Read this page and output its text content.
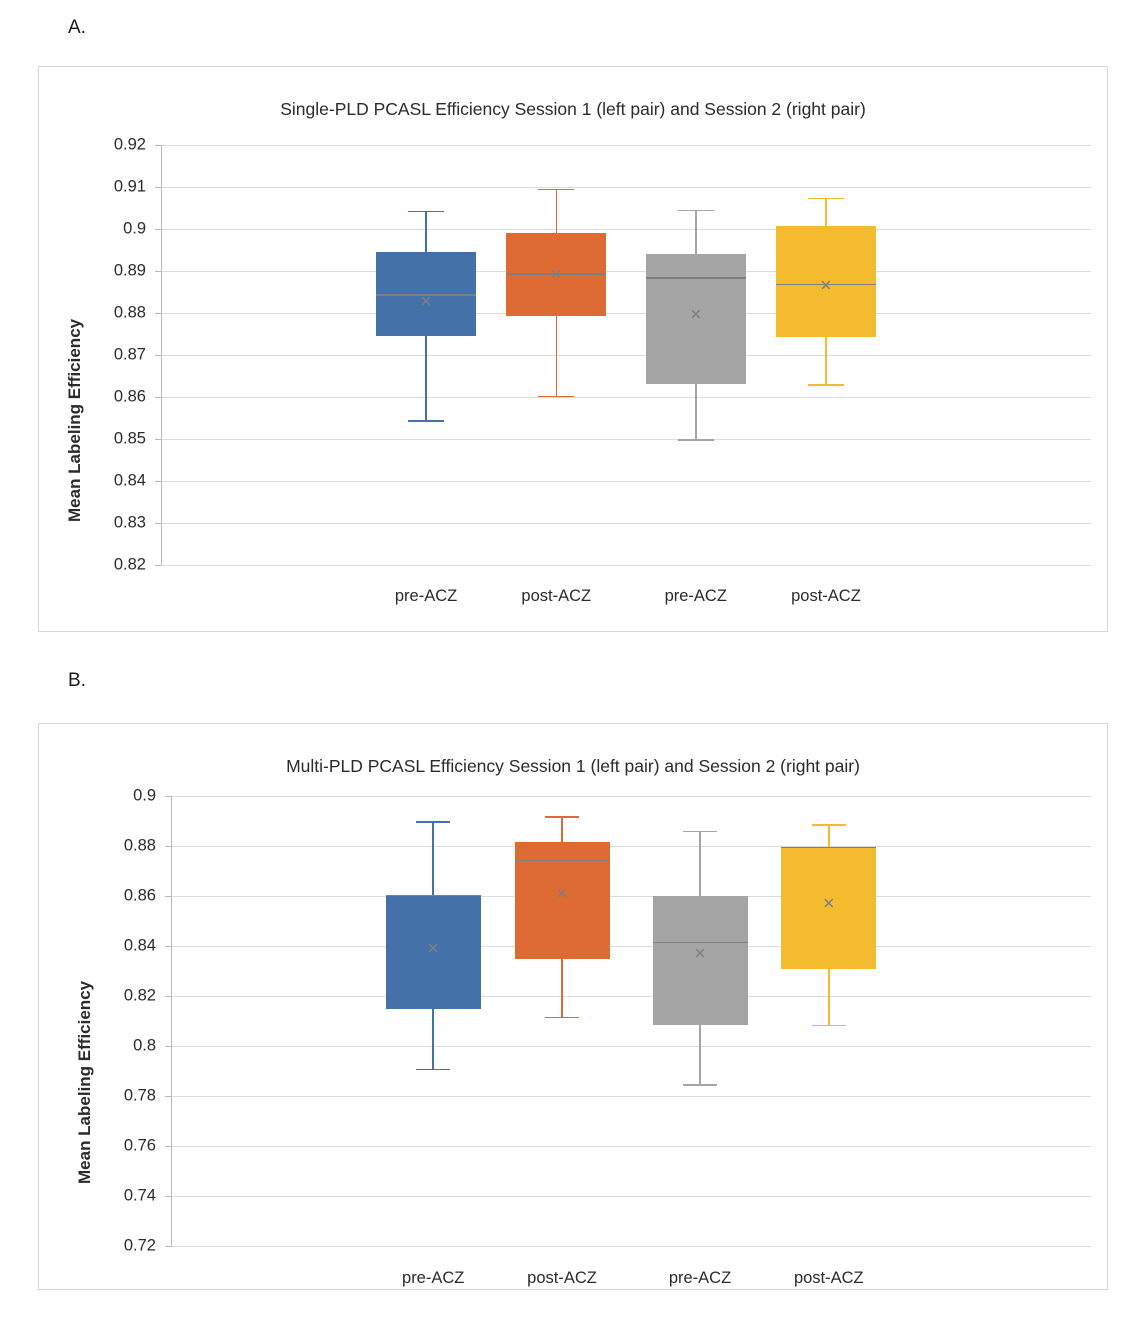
A.
B.
Single-PLD PCASL Efficiency Session 1 (left pair) and Session 2 (right pair)
Mean Labeling Efficiency
0.82
0.83
0.84
0.85
0.86
0.87
0.88
0.89
0.9
0.91
0.92
✕
✕
✕
✕
pre-ACZ	post-ACZ	pre-ACZ	post-ACZ
Multi-PLD PCASL Efficiency Session 1 (left pair) and Session 2 (right pair)
Mean Labeling Efficiency
0.72
0.74
0.76
0.78
0.8
0.82
0.84
0.86
0.88
0.9
✕
✕
✕
✕
pre-ACZ	post-ACZ	pre-ACZ	post-ACZ
